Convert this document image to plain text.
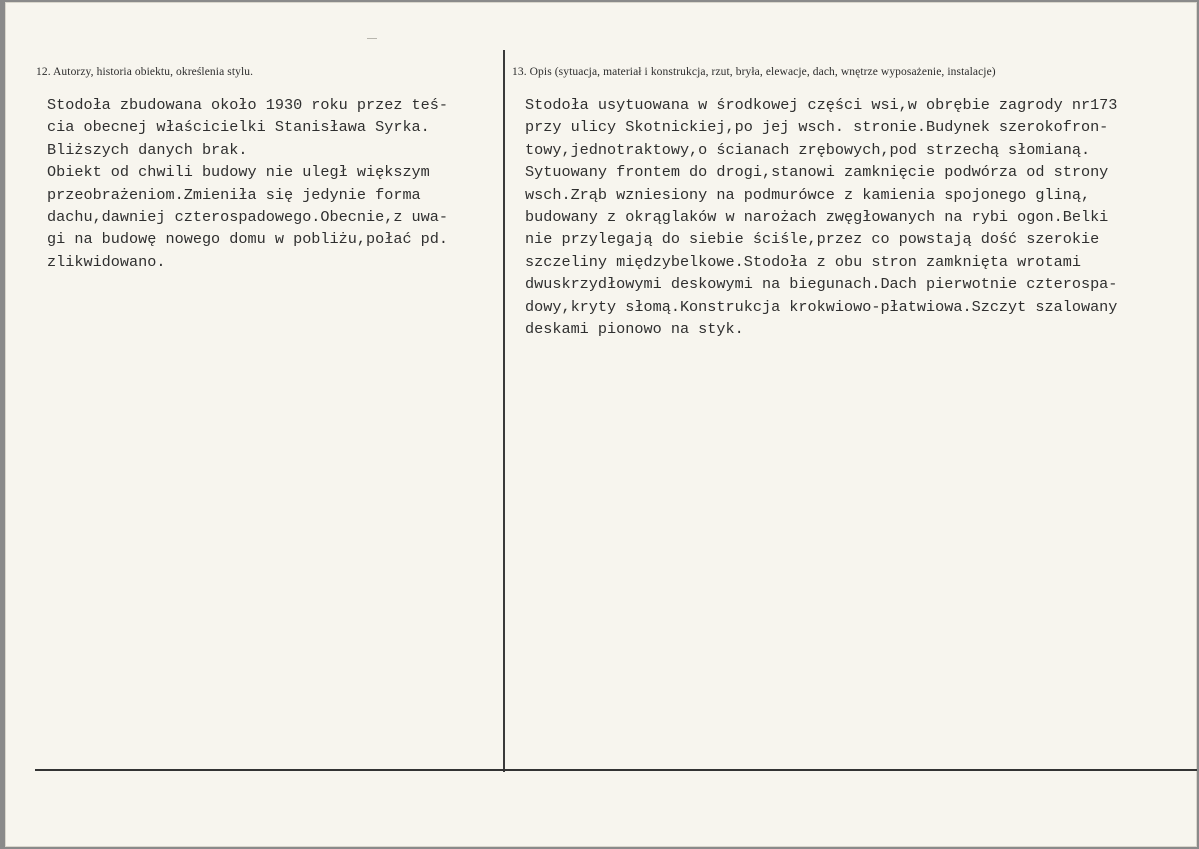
12. Autorzy, historia obiektu, określenia stylu.	13. Opis (sytuacja, materiał i konstrukcja, rzut, bryła, elewacje, dach, wnętrze wyposażenie, instalacje)
Stodoła zbudowana około 1930 roku przez teś-
cia obecnej właścicielki Stanisława Syrka.
Bliższych danych brak.
Obiekt od chwili budowy nie uległ większym
przeobrażeniom.Zmieniła się jedynie forma
dachu,dawniej czterospadowego.Obecnie,z uwa-
gi na budowę nowego domu w pobliżu,połać pd.
zlikwidowano.
Stodoła usytuowana w środkowej części wsi,w obrębie zagrody nr173
przy ulicy Skotnickiej,po jej wsch. stronie.Budynek szerokofron-
towy,jednotraktowy,o ścianach zrębowych,pod strzechą słomianą.
Sytuowany frontem do drogi,stanowi zamknięcie podwórza od strony
wsch.Zrąb wzniesiony na podmurówce z kamienia spojonego gliną,
budowany z okrąglaków w narożach zwęgłowanych na rybi ogon.Belki
nie przylegają do siebie ściśle,przez co powstają dość szerokie
szczeliny międzybelkowe.Stodoła z obu stron zamknięta wrotami
dwuskrzydłowymi deskowymi na biegunach.Dach pierwotnie czterospa-
dowy,kryty słomą.Konstrukcja krokwiowo-płatwiowa.Szczyt szalowany
deskami pionowo na styk.
